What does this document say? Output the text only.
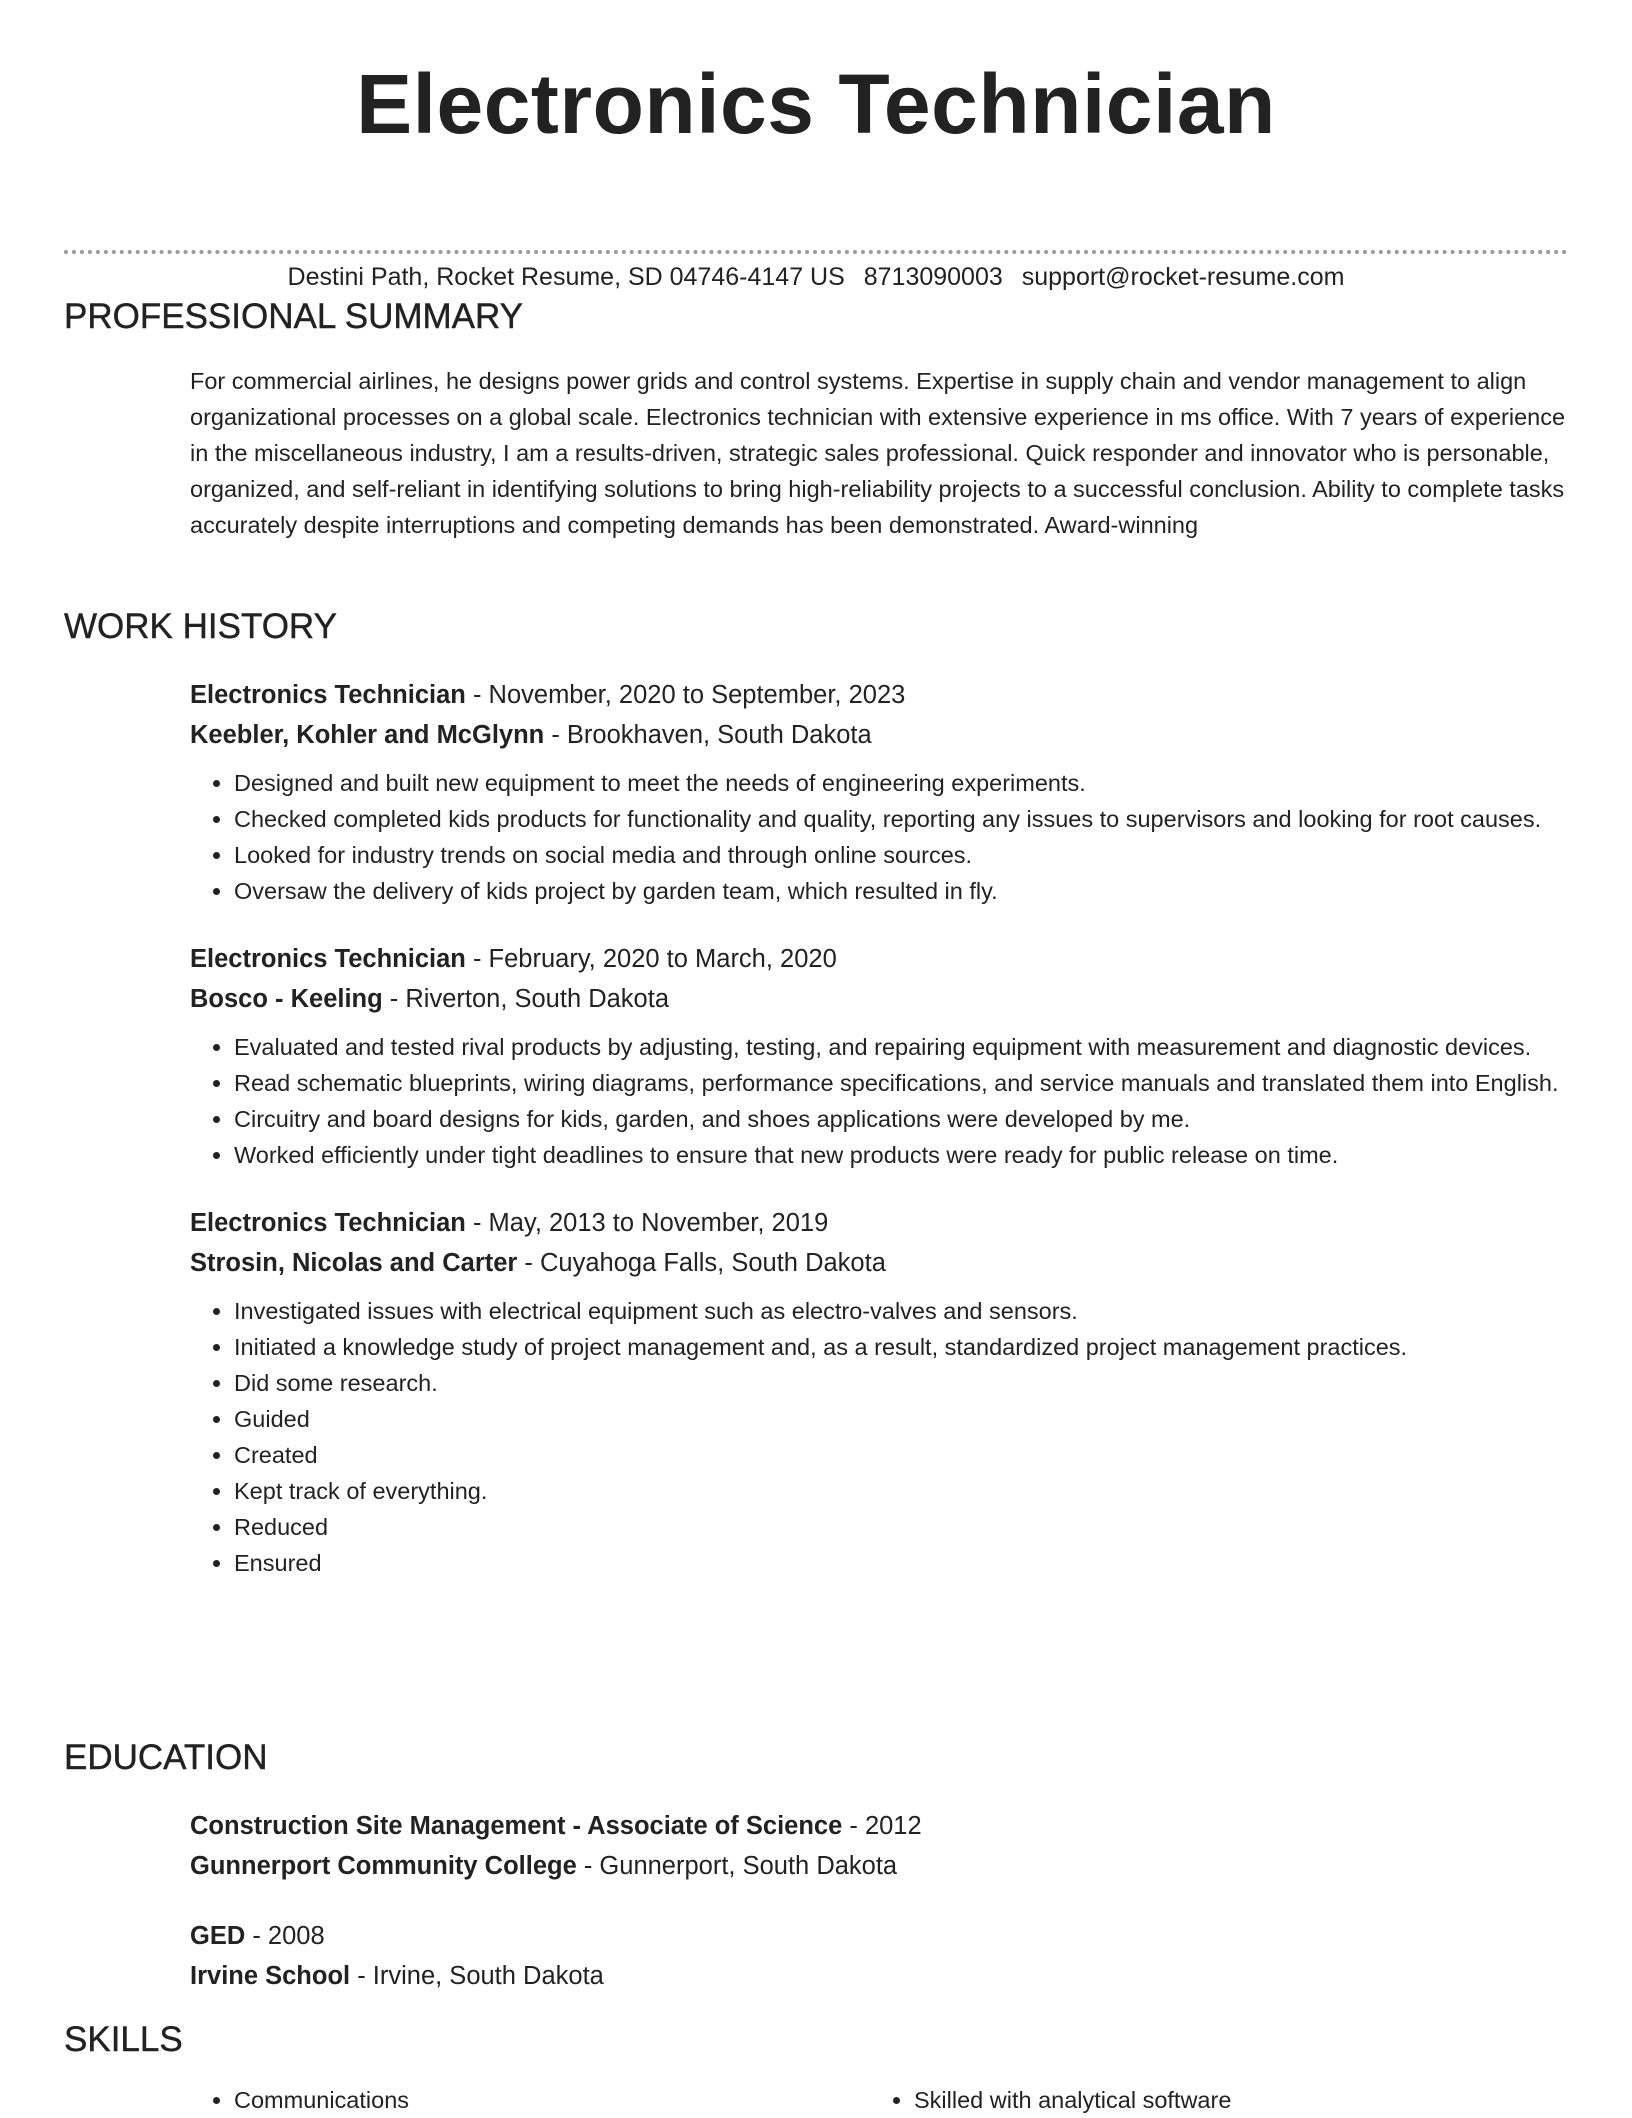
Electronics Technician
Destini Path, Rocket Resume, SD 04746-4147 US 8713090003 support@rocket-resume.com
PROFESSIONAL SUMMARY

For commercial airlines, he designs power grids and control systems. Expertise in supply chain and vendor management to align organizational processes on a global scale. Electronics technician with extensive experience in ms office. With 7 years of experience in the miscellaneous industry, I am a results-driven, strategic sales professional. Quick responder and innovator who is personable, organized, and self-reliant in identifying solutions to bring high-reliability projects to a successful conclusion. Ability to complete tasks accurately despite interruptions and competing demands has been demonstrated. Award-winning

WORK HISTORY

Electronics Technician - November, 2020 to September, 2023

Keebler, Kohler and McGlynn - Brookhaven, South Dakota

• Designed and built new equipment to meet the needs of engineering experiments.
• Checked completed kids products for functionality and quality, reporting any issues to supervisors and looking for root causes.
• Looked for industry trends on social media and through online sources.
• Oversaw the delivery of kids project by garden team, which resulted in fly.

Electronics Technician - February, 2020 to March, 2020

Bosco - Keeling - Riverton, South Dakota

• Evaluated and tested rival products by adjusting, testing, and repairing equipment with measurement and diagnostic devices.
• Read schematic blueprints, wiring diagrams, performance specifications, and service manuals and translated them into English.
• Circuitry and board designs for kids, garden, and shoes applications were developed by me.
• Worked efficiently under tight deadlines to ensure that new products were ready for public release on time.

Electronics Technician - May, 2013 to November, 2019

Strosin, Nicolas and Carter - Cuyahoga Falls, South Dakota

• Investigated issues with electrical equipment such as electro-valves and sensors.
• Initiated a knowledge study of project management and, as a result, standardized project management practices.
• Did some research.
• Guided
• Created
• Kept track of everything.
• Reduced
• Ensured
EDUCATION

Construction Site Management - Associate of Science - 2012

Gunnerport Community College - Gunnerport, South Dakota

GED - 2008

Irvine School - Irvine, South Dakota

SKILLS
• Communications
•	Skilled with analytical software
